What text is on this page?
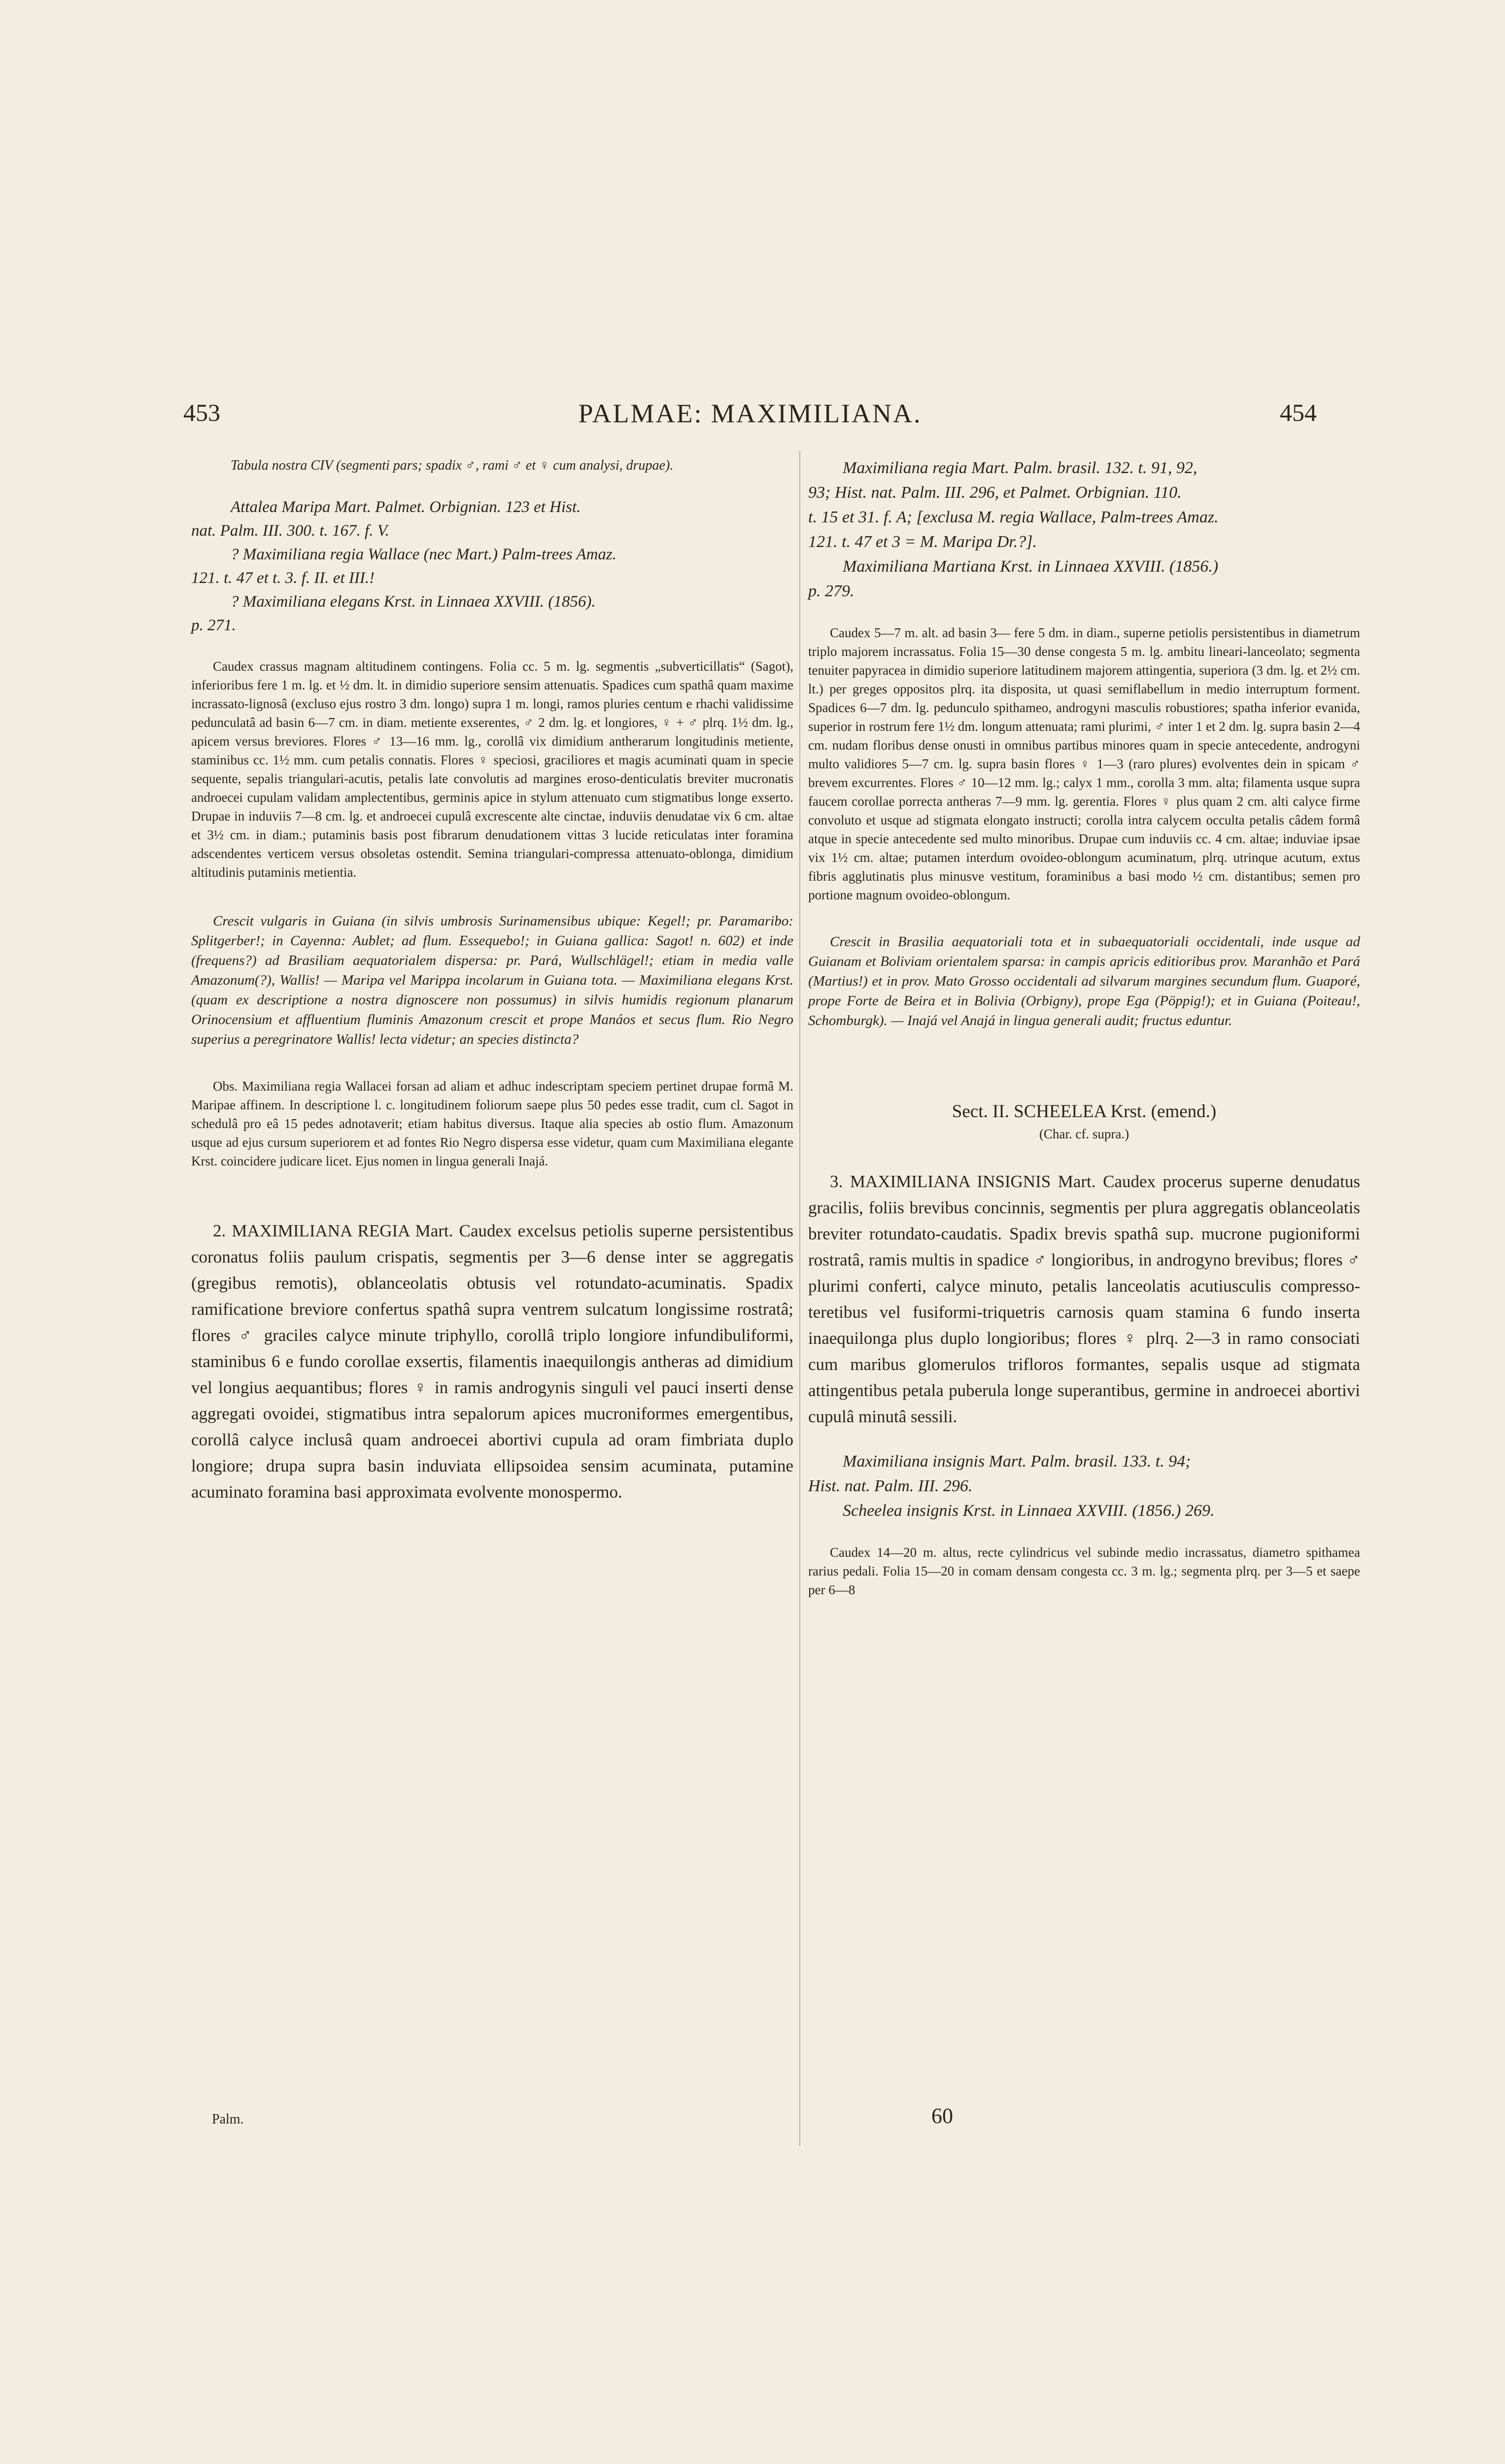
453	PALMAE: MAXIMILIANA.	454

Tabula nostra CIV (segmenti pars; spadix ♂, rami ♂ et ♀ cum analysi, drupae).

Attalea Maripa Mart. Palmet. Orbignian. 123 et Hist.
nat. Palm. III. 300. t. 167. f. V.
? Maximiliana regia Wallace (nec Mart.) Palm-trees Amaz.
121. t. 47 et t. 3. f. II. et III.!
? Maximiliana elegans Krst. in Linnaea XXVIII. (1856).
p. 271.

Caudex crassus magnam altitudinem contingens. Folia cc. 5 m. lg. segmentis „subverticillatis“ (Sagot), inferioribus fere 1 m. lg. et ½ dm. lt. in dimidio superiore sensim attenuatis. Spadices cum spathâ quam maxime incrassato-lignosâ (excluso ejus rostro 3 dm. longo) supra 1 m. longi, ramos pluries centum e rhachi validissime pedunculatâ ad basin 6—7 cm. in diam. metiente exserentes, ♂ 2 dm. lg. et longiores, ♀ + ♂ plrq. 1½ dm. lg., apicem versus breviores. Flores ♂ 13—16 mm. lg., corollâ vix dimidium antherarum longitudinis metiente, staminibus cc. 1½ mm. cum petalis connatis. Flores ♀ speciosi, graciliores et magis acuminati quam in specie sequente, sepalis triangulari-acutis, petalis late convolutis ad margines eroso-denticulatis breviter mucronatis androecei cupulam validam amplectentibus, germinis apice in stylum attenuato cum stigmatibus longe exserto. Drupae in induviis 7—8 cm. lg. et androecei cupulâ excrescente alte cinctae, induviis denudatae vix 6 cm. altae et 3½ cm. in diam.; putaminis basis post fibrarum denudationem vittas 3 lucide reticulatas inter foramina adscendentes verticem versus obsoletas ostendit. Semina triangulari-compressa attenuato-oblonga, dimidium altitudinis putaminis metientia.

Crescit vulgaris in Guiana (in silvis umbrosis Surinamensibus ubique: Kegel!; pr. Paramaribo: Splitgerber!; in Cayenna: Aublet; ad flum. Essequebo!; in Guiana gallica: Sagot! n. 602) et inde (frequens?) ad Brasiliam aequatorialem dispersa: pr. Pará, Wullschlägel!; etiam in media valle Amazonum(?), Wallis! — Maripa vel Marippa incolarum in Guiana tota. — Maximiliana elegans Krst. (quam ex descriptione a nostra dignoscere non possumus) in silvis humidis regionum planarum Orinocensium et affluentium fluminis Amazonum crescit et prope Manáos et secus flum. Rio Negro superius a peregrinatore Wallis! lecta videtur; an species distincta?

Obs. Maximiliana regia Wallacei forsan ad aliam et adhuc indescriptam speciem pertinet drupae formâ M. Maripae affinem. In descriptione l. c. longitudinem foliorum saepe plus 50 pedes esse tradit, cum cl. Sagot in schedulâ pro eâ 15 pedes adnotaverit; etiam habitus diversus. Itaque alia species ab ostio flum. Amazonum usque ad ejus cursum superiorem et ad fontes Rio Negro dispersa esse videtur, quam cum Maximiliana elegante Krst. coincidere judicare licet. Ejus nomen in lingua generali Inajá.

2. MAXIMILIANA REGIA Mart. Caudex excelsus petiolis superne persistentibus coronatus foliis paulum crispatis, segmentis per 3—6 dense inter se aggregatis (gregibus remotis), oblanceolatis obtusis vel rotundato-acuminatis. Spadix ramificatione breviore confertus spathâ supra ventrem sulcatum longissime rostratâ; flores ♂ graciles calyce minute triphyllo, corollâ triplo longiore infundibuliformi, staminibus 6 e fundo corollae exsertis, filamentis inaequilongis antheras ad dimidium vel longius aequantibus; flores ♀ in ramis androgynis singuli vel pauci inserti dense aggregati ovoidei, stigmatibus intra sepalorum apices mucroniformes emergentibus, corollâ calyce inclusâ quam androecei abortivi cupula ad oram fimbriata duplo longiore; drupa supra basin induviata ellipsoidea sensim acuminata, putamine acuminato foramina basi approximata evolvente monospermo.

Palm.
Maximiliana regia Mart. Palm. brasil. 132. t. 91, 92,
93; Hist. nat. Palm. III. 296, et Palmet. Orbignian. 110.
t. 15 et 31. f. A; [exclusa M. regia Wallace, Palm-trees Amaz.
121. t. 47 et 3 = M. Maripa Dr.?].
Maximiliana Martiana Krst. in Linnaea XXVIII. (1856.)
p. 279.

Caudex 5—7 m. alt. ad basin 3— fere 5 dm. in diam., superne petiolis persistentibus in diametrum triplo majorem incrassatus. Folia 15—30 dense congesta 5 m. lg. ambitu lineari-lanceolato; segmenta tenuiter papyracea in dimidio superiore latitudinem majorem attingentia, superiora (3 dm. lg. et 2½ cm. lt.) per greges oppositos plrq. ita disposita, ut quasi semiflabellum in medio interruptum forment. Spadices 6—7 dm. lg. pedunculo spithameo, androgyni masculis robustiores; spatha inferior evanida, superior in rostrum fere 1½ dm. longum attenuata; rami plurimi, ♂ inter 1 et 2 dm. lg. supra basin 2—4 cm. nudam floribus dense onusti in omnibus partibus minores quam in specie antecedente, androgyni multo validiores 5—7 cm. lg. supra basin flores ♀ 1—3 (raro plures) evolventes dein in spicam ♂ brevem excurrentes. Flores ♂ 10—12 mm. lg.; calyx 1 mm., corolla 3 mm. alta; filamenta usque supra faucem corollae porrecta antheras 7—9 mm. lg. gerentia. Flores ♀ plus quam 2 cm. alti calyce firme convoluto et usque ad stigmata elongato instructi; corolla intra calycem occulta petalis câdem formâ atque in specie antecedente sed multo minoribus. Drupae cum induviis cc. 4 cm. altae; induviae ipsae vix 1½ cm. altae; putamen interdum ovoideo-oblongum acuminatum, plrq. utrinque acutum, extus fibris agglutinatis plus minusve vestitum, foraminibus a basi modo ½ cm. distantibus; semen pro portione magnum ovoideo-oblongum.

Crescit in Brasilia aequatoriali tota et in subaequatoriali occidentali, inde usque ad Guianam et Boliviam orientalem sparsa: in campis apricis editioribus prov. Maranhão et Pará (Martius!) et in prov. Mato Grosso occidentali ad silvarum margines secundum flum. Guaporé, prope Forte de Beira et in Bolivia (Orbigny), prope Ega (Pöppig!); et in Guiana (Poiteau!, Schomburgk). — Inajá vel Anajá in lingua generali audit; fructus eduntur.

Sect. II. SCHEELEA Krst. (emend.)
(Char. cf. supra.)

3. MAXIMILIANA INSIGNIS Mart. Caudex procerus superne denudatus gracilis, foliis brevibus concinnis, segmentis per plura aggregatis oblanceolatis breviter rotundato-caudatis. Spadix brevis spathâ sup. mucrone pugioniformi rostratâ, ramis multis in spadice ♂ longioribus, in androgyno brevibus; flores ♂ plurimi conferti, calyce minuto, petalis lanceolatis acutiusculis compresso-teretibus vel fusiformi-triquetris carnosis quam stamina 6 fundo inserta inaequilonga plus duplo longioribus; flores ♀ plrq. 2—3 in ramo consociati cum maribus glomerulos trifloros formantes, sepalis usque ad stigmata attingentibus petala puberula longe superantibus, germine in androecei abortivi cupulâ minutâ sessili.

Maximiliana insignis Mart. Palm. brasil. 133. t. 94;
Hist. nat. Palm. III. 296.
Scheelea insignis Krst. in Linnaea XXVIII. (1856.) 269.

Caudex 14—20 m. altus, recte cylindricus vel subinde medio incrassatus, diametro spithamea rarius pedali. Folia 15—20 in comam densam congesta cc. 3 m. lg.; segmenta plrq. per 3—5 et saepe per 6—8

60
